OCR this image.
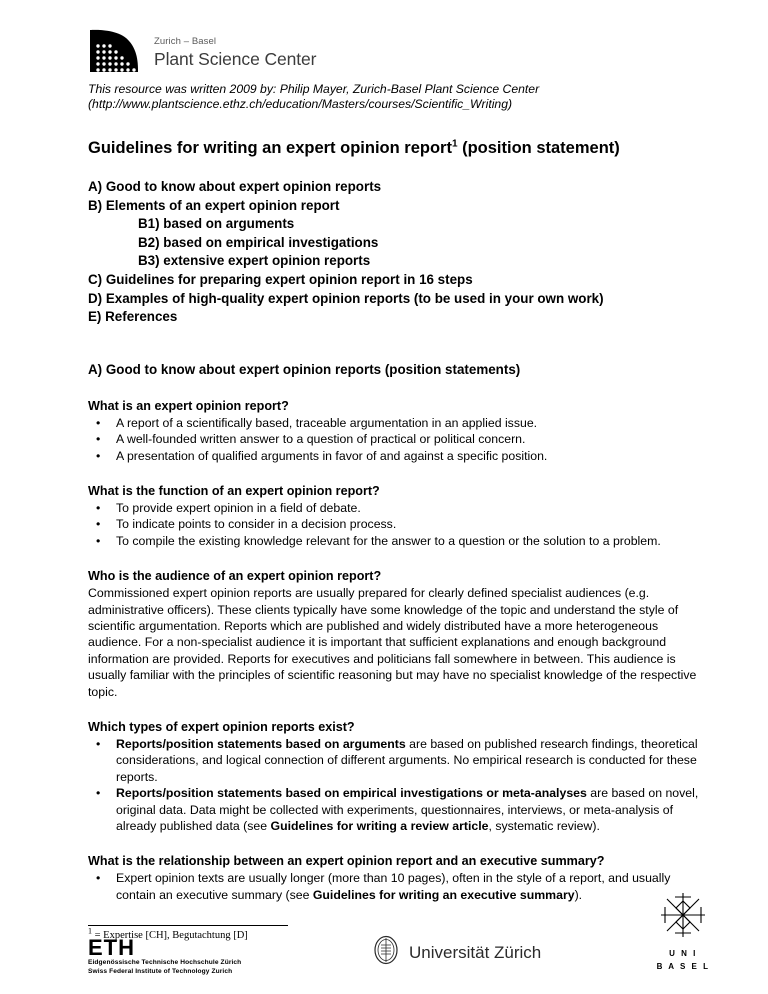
Zurich – Basel
Plant Science Center

This resource was written 2009 by: Philip Mayer, Zurich-Basel Plant Science Center (http://www.plantscience.ethz.ch/education/Masters/courses/Scientific_Writing)

Guidelines for writing an expert opinion report$^1$ (position statement)
A) Good to know about expert opinion reports
B) Elements of an expert opinion report
B1) based on arguments
B2) based on empirical investigations
B3) extensive expert opinion reports
C) Guidelines for preparing expert opinion report in 16 steps
D) Examples of high-quality expert opinion reports (to be used in your own work)
E) References
A) Good to know about expert opinion reports (position statements)
What is an expert opinion report?
• A report of a scientifically based, traceable argumentation in an applied issue.
• A well-founded written answer to a question of practical or political concern.
• A presentation of qualified arguments in favor of and against a specific position.
What is the function of an expert opinion report?
• To provide expert opinion in a field of debate.
• To indicate points to consider in a decision process.
• To compile the existing knowledge relevant for the answer to a question or the solution to a problem.
Who is the audience of an expert opinion report?

Commissioned expert opinion reports are usually prepared for clearly defined specialist audiences (e.g. administrative officers). These clients typically have some knowledge of the topic and understand the style of scientific argumentation. Reports which are published and widely distributed have a more heterogeneous audience. For a non-specialist audience it is important that sufficient explanations and enough background information are provided. Reports for executives and politicians fall somewhere in between. This audience is usually familiar with the principles of scientific reasoning but may have no specialist knowledge of the respective topic.

Which types of expert opinion reports exist?
• Reports/position statements based on arguments are based on published research findings, theoretical considerations, and logical connection of different arguments. No empirical research is conducted for these reports.
• Reports/position statements based on empirical investigations or meta-analyses are based on novel, original data. Data might be collected with experiments, questionnaires, interviews, or meta-analysis of already published data (see Guidelines for writing a review article, systematic review).
What is the relationship between an expert opinion report and an executive summary?
• Expert opinion texts are usually longer (more than 10 pages), often in the style of a report, and usually contain an executive summary (see Guidelines for writing an executive summary).
$^1$ = Expertise [CH], Begutachtung [D]
ETH
Eidgenössische Technische Hochschule Zürich
Swiss Federal Institute of Technology Zurich
Universität Zürich	U N I
B A S E L
